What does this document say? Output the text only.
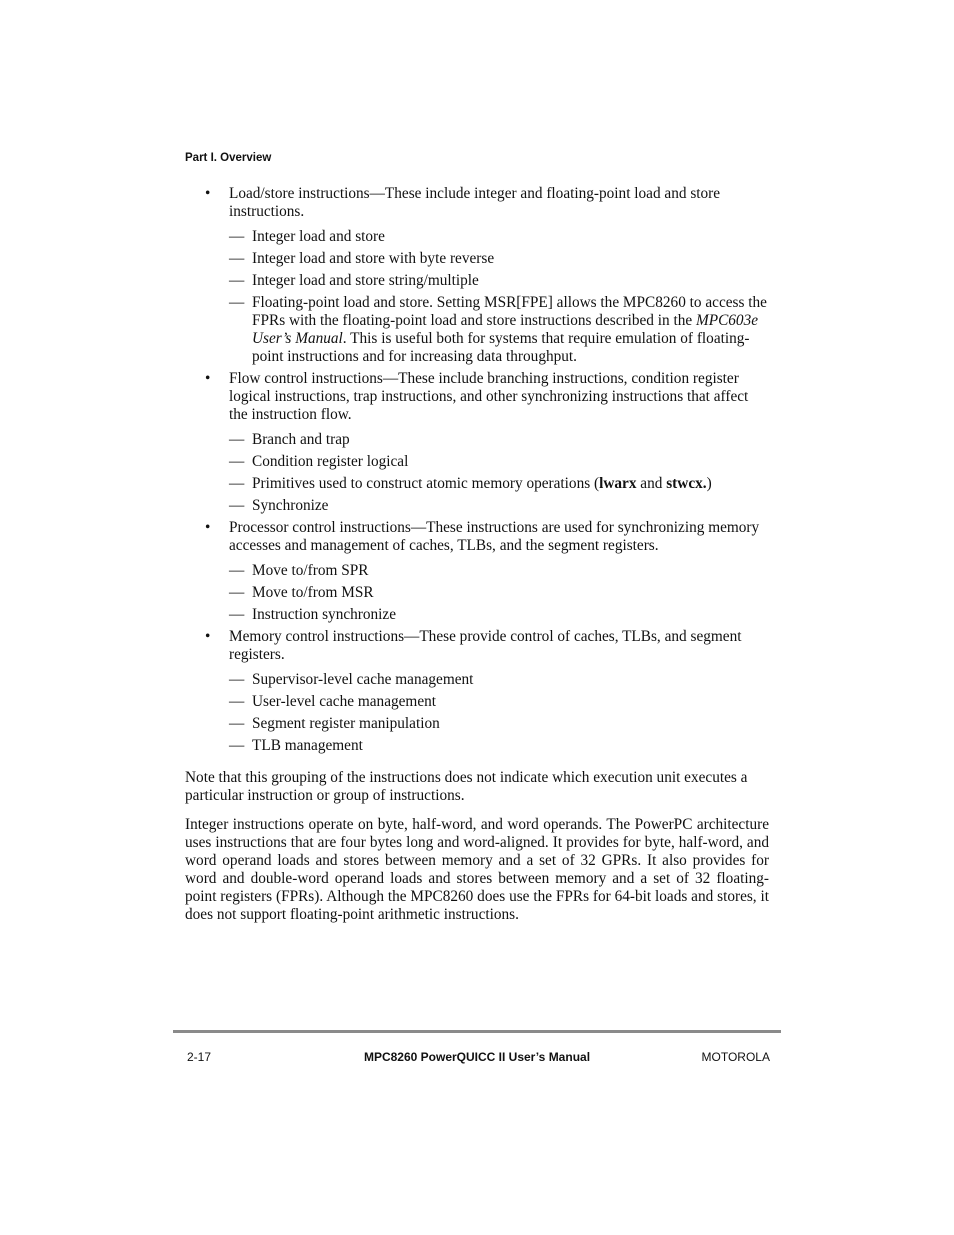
Part I. Overview

• Load/store instructions—These include integer and floating-point load and store instructions.
— Integer load and store
— Integer load and store with byte reverse
— Integer load and store string/multiple
— Floating-point load and store. Setting MSR[FPE] allows the MPC8260 to access the FPRs with the floating-point load and store instructions described in the MPC603e User’s Manual. This is useful both for systems that require emulation of floating-point instructions and for increasing data throughput.
• Flow control instructions—These include branching instructions, condition register logical instructions, trap instructions, and other synchronizing instructions that affect the instruction flow.
— Branch and trap
— Condition register logical
— Primitives used to construct atomic memory operations (lwarx and stwcx.)
— Synchronize
• Processor control instructions—These instructions are used for synchronizing memory accesses and management of caches, TLBs, and the segment registers.
— Move to/from SPR
— Move to/from MSR
— Instruction synchronize
• Memory control instructions—These provide control of caches, TLBs, and segment registers.
— Supervisor-level cache management
— User-level cache management
— Segment register manipulation
— TLB management

Note that this grouping of the instructions does not indicate which execution unit executes a particular instruction or group of instructions.

Integer instructions operate on byte, half-word, and word operands. The PowerPC architecture uses instructions that are four bytes long and word-aligned. It provides for byte, half-word, and word operand loads and stores between memory and a set of 32 GPRs. It also provides for word and double-word operand loads and stores between memory and a set of 32 floating-point registers (FPRs). Although the MPC8260 does use the FPRs for 64-bit loads and stores, it does not support floating-point arithmetic instructions.

2-17	MPC8260 PowerQUICC II User’s Manual	MOTOROLA
